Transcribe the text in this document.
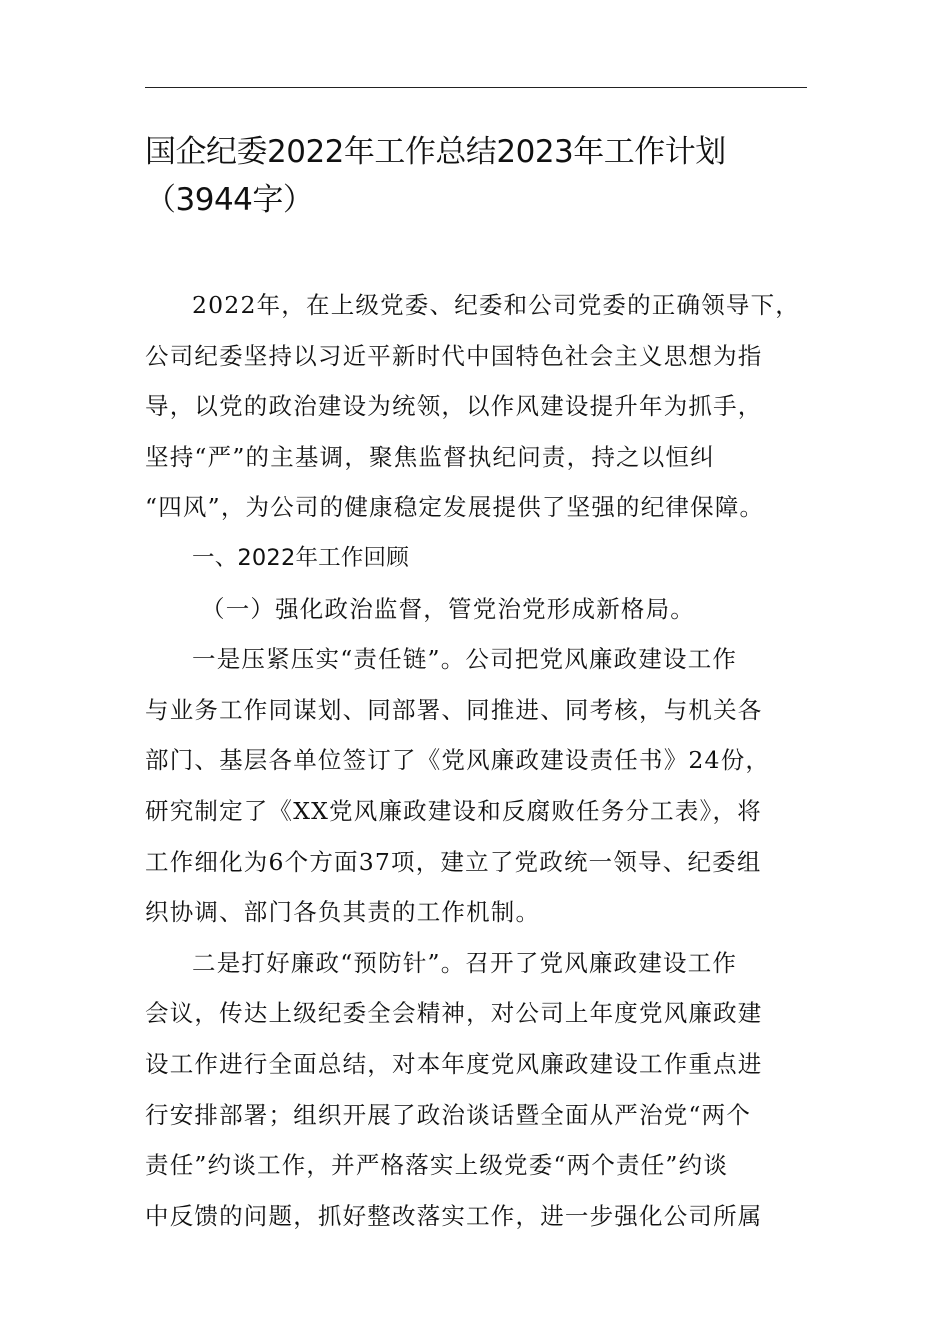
国企纪委2022年工作总结2023年工作计划
（3944字）
2022年，在上级党委、纪委和公司党委的正确领导下，
公司纪委坚持以习近平新时代中国特色社会主义思想为指
导，以党的政治建设为统领，以作风建设提升年为抓手，
坚持“严”的主基调，聚焦监督执纪问责，持之以恒纠
“四风”，为公司的健康稳定发展提供了坚强的纪律保障。
一、2022年工作回顾
（一）强化政治监督，管党治党形成新格局。
一是压紧压实“责任链”。公司把党风廉政建设工作
与业务工作同谋划、同部署、同推进、同考核，与机关各
部门、基层各单位签订了《党风廉政建设责任书》24份，
研究制定了《XX党风廉政建设和反腐败任务分工表》，将
工作细化为6个方面37项，建立了党政统一领导、纪委组
织协调、部门各负其责的工作机制。
二是打好廉政“预防针”。召开了党风廉政建设工作
会议，传达上级纪委全会精神，对公司上年度党风廉政建
设工作进行全面总结，对本年度党风廉政建设工作重点进
行安排部署；组织开展了政治谈话暨全面从严治党“两个
责任”约谈工作，并严格落实上级党委“两个责任”约谈
中反馈的问题，抓好整改落实工作，进一步强化公司所属
